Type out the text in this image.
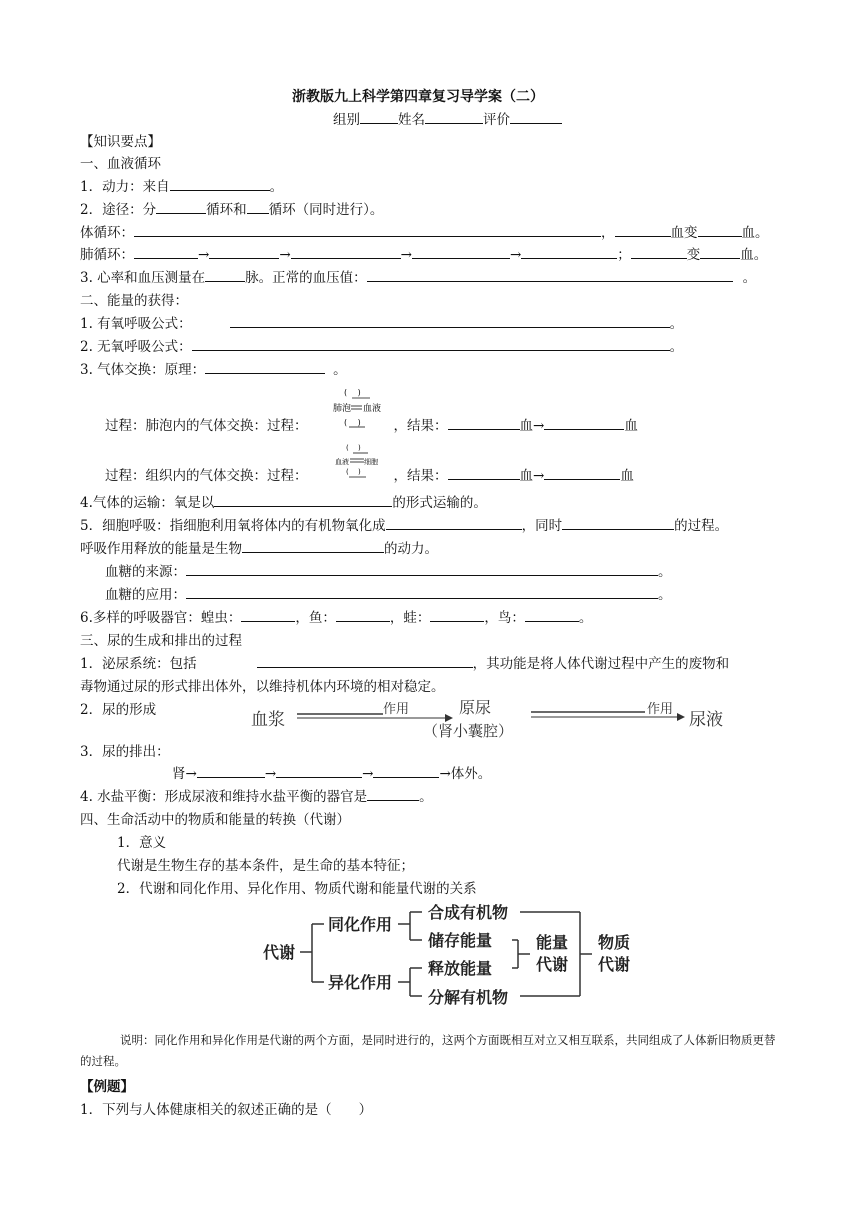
浙教版九上科学第四章复习导学案（二）
组别	姓名	评价
【知识要点】
一、血液循环
1．动力：来自	。
2．途径：分	循环和 循环（同时进行）。
体循环：	，	血变	血。
肺循环：	→	→	→	→	；	变	血。
3. 心率和血压测量在	脉。正常的血压值：	。
二、能量的获得：
1. 有氧呼吸公式：	。
2. 无氧呼吸公式：	。
3. 气体交换：原理：	。
过程：肺泡内的气体交换：过程：	，结果：	血→	血
(　 )
肺泡 血液
(　 )
过程：组织内的气体交换：过程：	，结果：	血→	血
(　 )
血液 细胞
(　 )
4.气体的运输：氧是以	的形式运输的。
5．细胞呼吸：指细胞利用氧将体内的有机物氧化成	，同时	的过程。
呼吸作用释放的能量是生物	的动力。
血糖的来源：	。
血糖的应用：	。
6.多样的呼吸器官：蝗虫：	，鱼：	，蛙：	，鸟：	。
三、尿的生成和排出的过程
1．泌尿系统：包括	，其功能是将人体代谢过程中产生的废物和
毒物通过尿的形式排出体外，以维持机体内环境的相对稳定。
2．尿的形成	血浆
作用	原尿
（肾小囊腔）
作用
尿液
3．尿的排出：
肾→	→	→	→体外。
4. 水盐平衡：形成尿液和维持水盐平衡的器官是	。
四、生命活动中的物质和能量的转换（代谢）
1．意义
代谢是生物生存的基本条件，是生命的基本特征；
2．代谢和同化作用、异化作用、物质代谢和能量代谢的关系
代谢
同化作用
异化作用
合成有机物
储存能量
释放能量
分解有机物
能量
代谢
物质
代谢
说明：同化作用和异化作用是代谢的两个方面，是同时进行的，这两个方面既相互对立又相互联系，共同组成了人体新旧物质更替的过程。
【例题】
1．下列与人体健康相关的叙述正确的是（　　）
